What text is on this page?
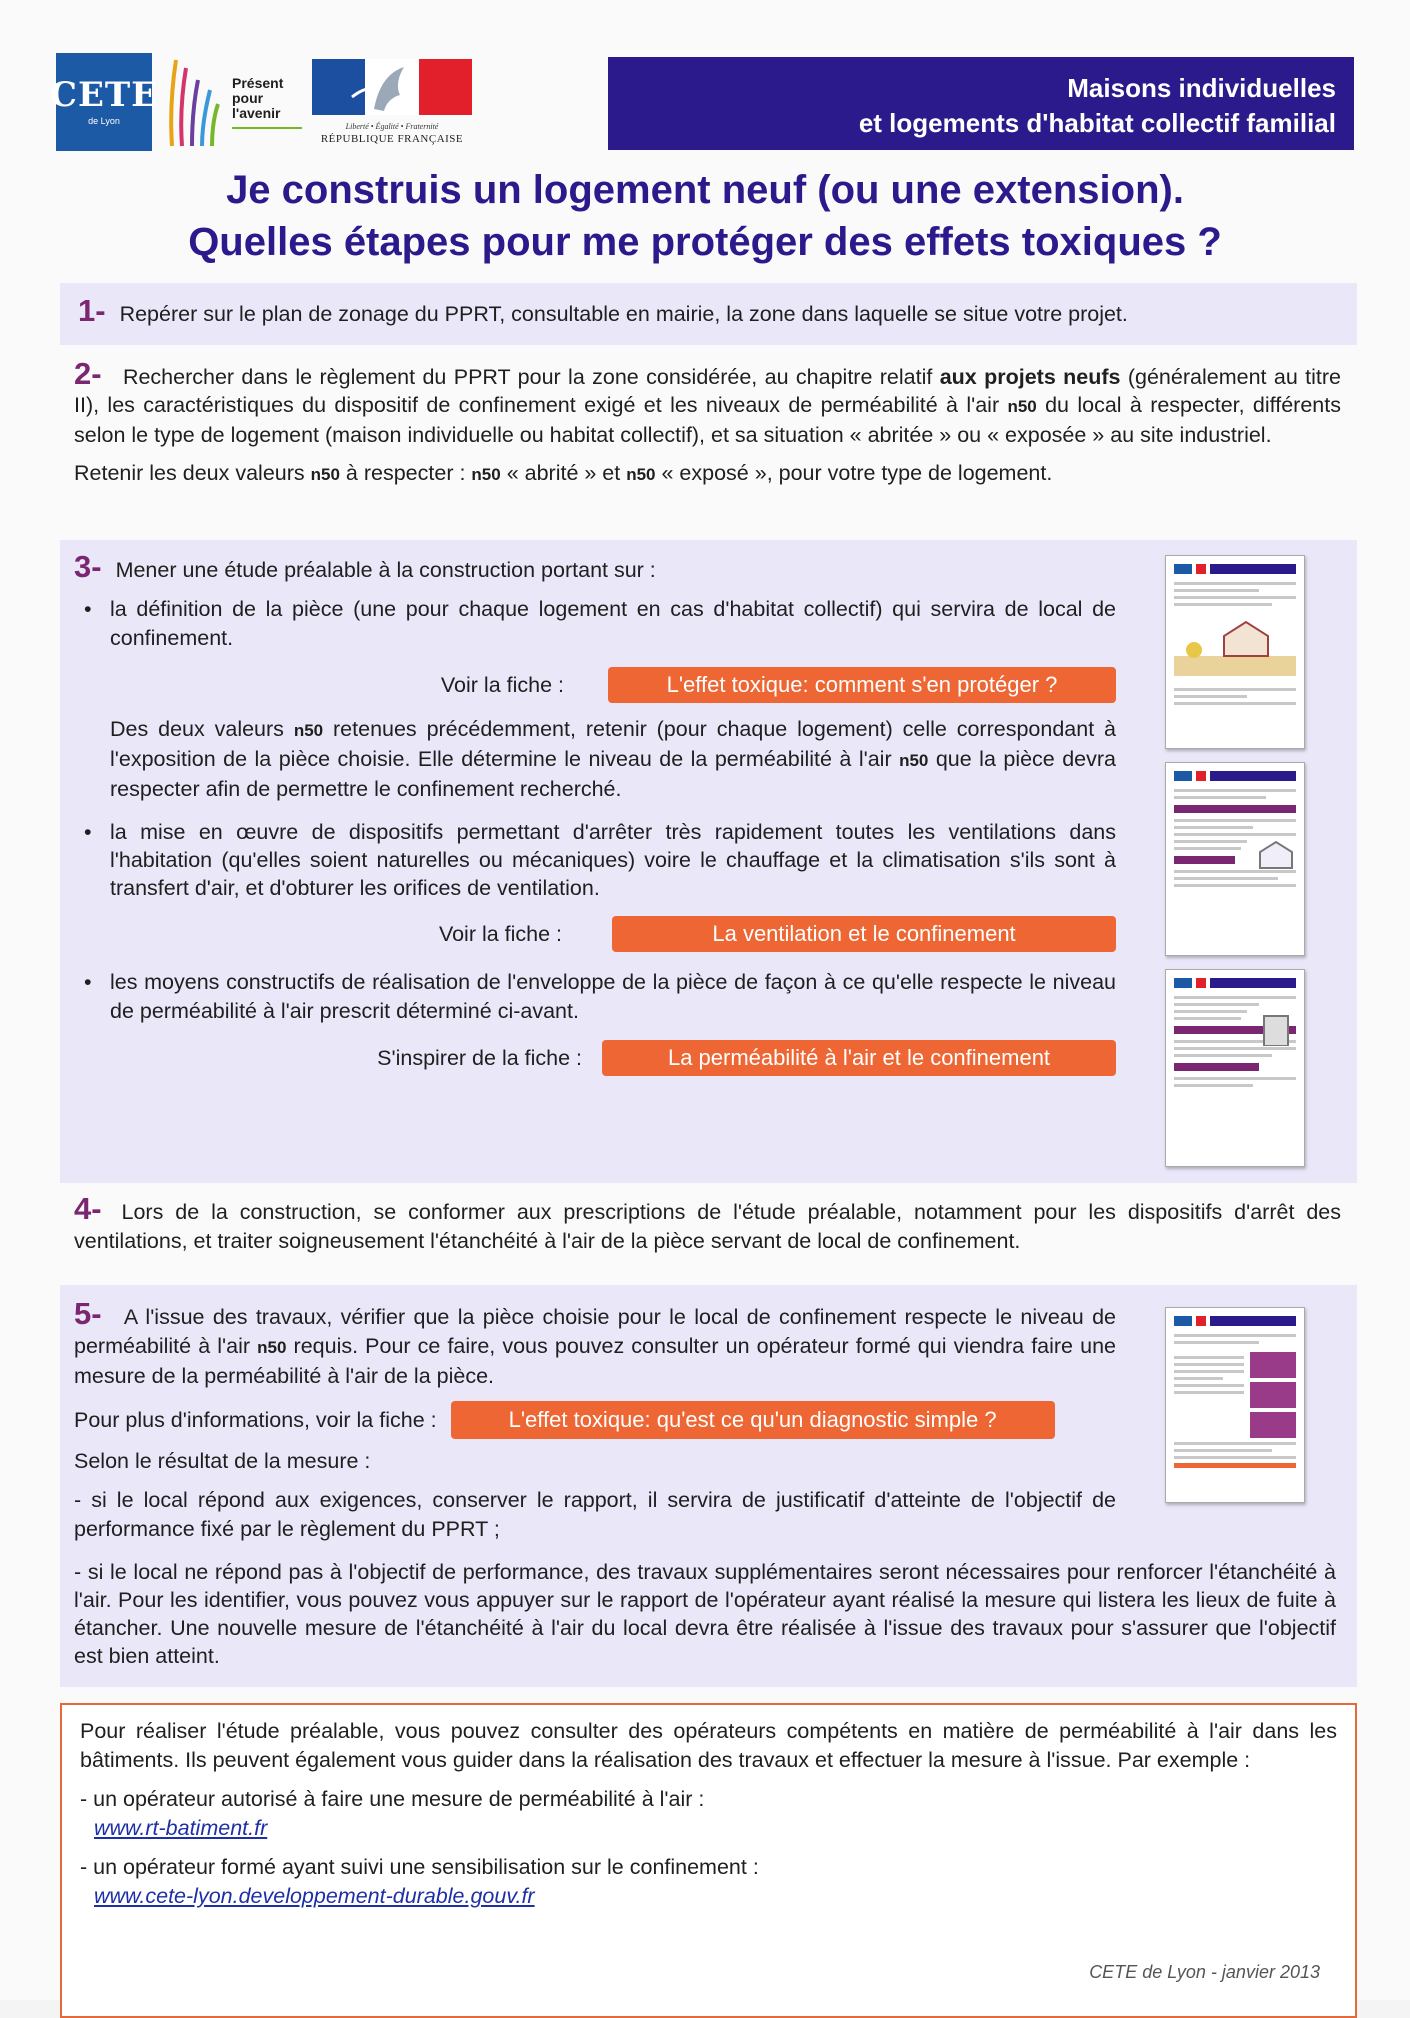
CETE
de Lyon
Présent pour l'avenir
Liberté • Égalité • Fraternité
RÉPUBLIQUE FRANÇAISE
Maisons individuelles
et logements d'habitat collectif familial
Je construis un logement neuf (ou une extension).
Quelles étapes pour me protéger des effets toxiques ?
1- Repérer sur le plan de zonage du PPRT, consultable en mairie, la zone dans laquelle se situe votre projet.
2- Rechercher dans le règlement du PPRT pour la zone considérée, au chapitre relatif aux projets neufs (généralement au titre II), les caractéristiques du dispositif de confinement exigé et les niveaux de perméabilité à l'air n50 du local à respecter, différents selon le type de logement (maison individuelle ou habitat collectif), et sa situation « abritée » ou « exposée » au site industriel.
Retenir les deux valeurs n50 à respecter : n50 « abrité » et n50 « exposé », pour votre type de logement.
3- Mener une étude préalable à la construction portant sur :
• la définition de la pièce (une pour chaque logement en cas d'habitat collectif) qui servira de local de confinement.
Voir la fiche :	L'effet toxique: comment s'en protéger ?
Des deux valeurs n50 retenues précédemment, retenir (pour chaque logement) celle correspondant à l'exposition de la pièce choisie. Elle détermine le niveau de la perméabilité à l'air n50 que la pièce devra respecter afin de permettre le confinement recherché.
• la mise en œuvre de dispositifs permettant d'arrêter très rapidement toutes les ventilations dans l'habitation (qu'elles soient naturelles ou mécaniques) voire le chauffage et la climatisation s'ils sont à transfert d'air, et d'obturer les orifices de ventilation.
Voir la fiche :	La ventilation et le confinement
• les moyens constructifs de réalisation de l'enveloppe de la pièce de façon à ce qu'elle respecte le niveau de perméabilité à l'air prescrit déterminé ci-avant.
S'inspirer de la fiche :	La perméabilité à l'air et le confinement
4- Lors de la construction, se conformer aux prescriptions de l'étude préalable, notamment pour les dispositifs d'arrêt des ventilations, et traiter soigneusement l'étanchéité à l'air de la pièce servant de local de confinement.
5- A l'issue des travaux, vérifier que la pièce choisie pour le local de confinement respecte le niveau de perméabilité à l'air n50 requis. Pour ce faire, vous pouvez consulter un opérateur formé qui viendra faire une mesure de la perméabilité à l'air de la pièce.
Pour plus d'informations, voir la fiche :	L'effet toxique: qu'est ce qu'un diagnostic simple ?
Selon le résultat de la mesure :
- si le local répond aux exigences, conserver le rapport, il servira de justificatif d'atteinte de l'objectif de performance fixé par le règlement du PPRT ;
- si le local ne répond pas à l'objectif de performance, des travaux supplémentaires seront nécessaires pour renforcer l'étanchéité à l'air. Pour les identifier, vous pouvez vous appuyer sur le rapport de l'opérateur ayant réalisé la mesure qui listera les lieux de fuite à étancher. Une nouvelle mesure de l'étanchéité à l'air du local devra être réalisée à l'issue des travaux pour s'assurer que l'objectif est bien atteint.
Pour réaliser l'étude préalable, vous pouvez consulter des opérateurs compétents en matière de perméabilité à l'air dans les bâtiments. Ils peuvent également vous guider dans la réalisation des travaux et effectuer la mesure à l'issue. Par exemple :
- un opérateur autorisé à faire une mesure de perméabilité à l'air :
www.rt-batiment.fr
- un opérateur formé ayant suivi une sensibilisation sur le confinement :
www.cete-lyon.developpement-durable.gouv.fr
CETE de Lyon - janvier 2013
